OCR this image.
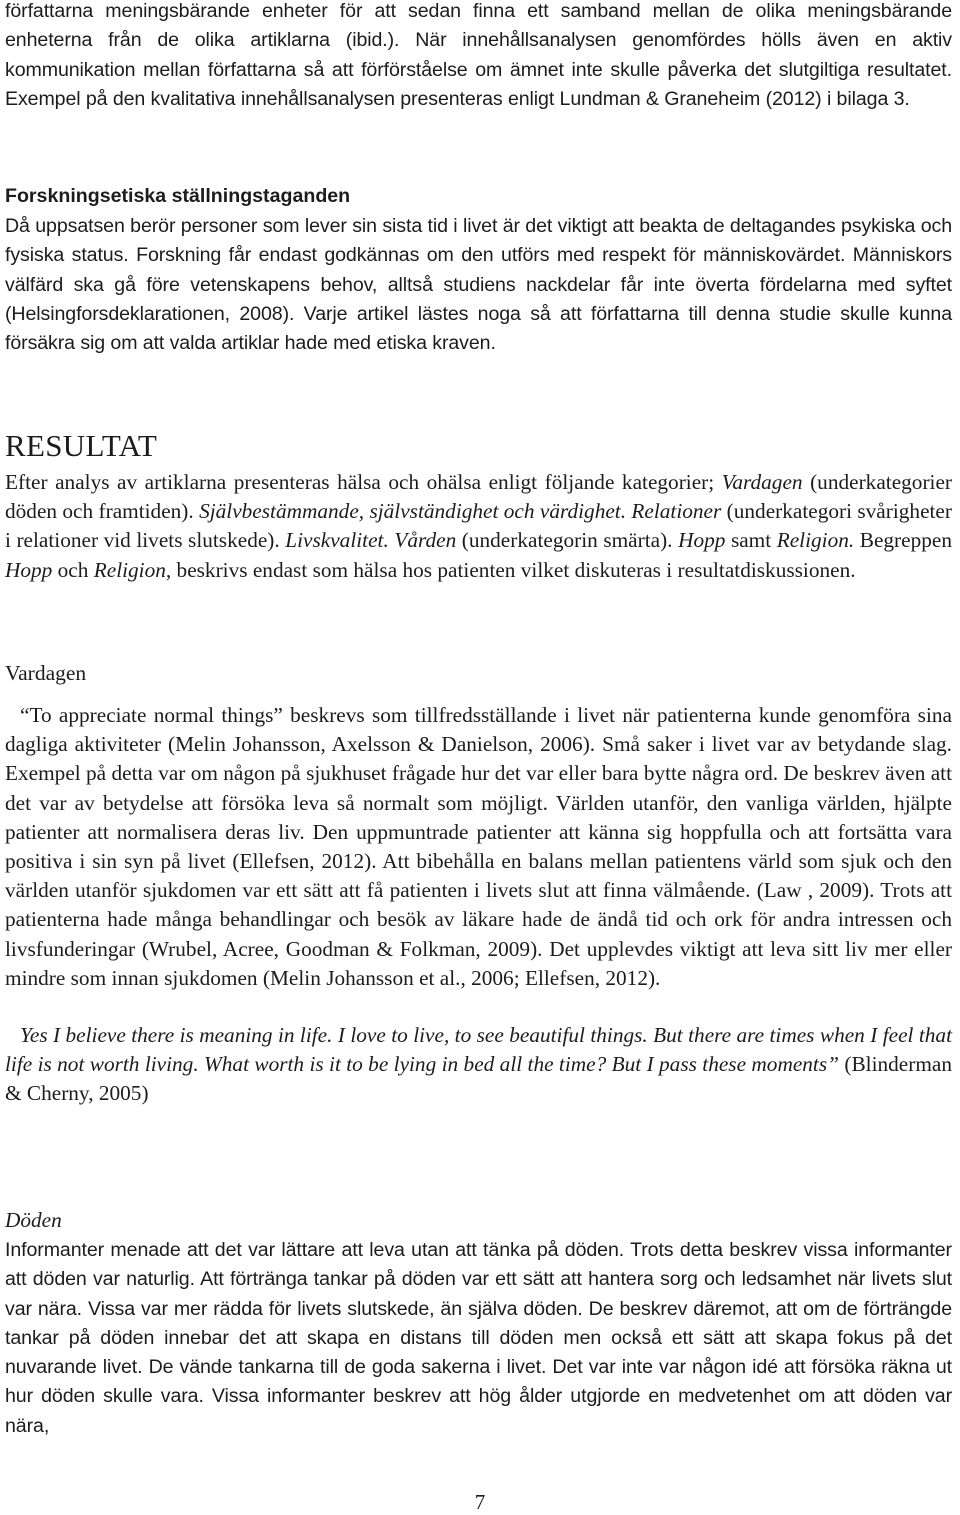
författarna meningsbärande enheter för att sedan finna ett samband mellan de olika meningsbärande enheterna från de olika artiklarna (ibid.). När innehållsanalysen genomfördes hölls även en aktiv kommunikation mellan författarna så att förförståelse om ämnet inte skulle påverka det slutgiltiga resultatet. Exempel på den kvalitativa innehållsanalysen presenteras enligt Lundman & Graneheim (2012) i bilaga 3.

Forskningsetiska ställningstaganden

Då uppsatsen berör personer som lever sin sista tid i livet är det viktigt att beakta de deltagandes psykiska och fysiska status. Forskning får endast godkännas om den utförs med respekt för människovärdet. Människors välfärd ska gå före vetenskapens behov, alltså studiens nackdelar får inte överta fördelarna med syftet (Helsingforsdeklarationen, 2008). Varje artikel lästes noga så att författarna till denna studie skulle kunna försäkra sig om att valda artiklar hade med etiska kraven.

RESULTAT

Efter analys av artiklarna presenteras hälsa och ohälsa enligt följande kategorier; Vardagen (underkategorier döden och framtiden). Självbestämmande, självständighet och värdighet. Relationer (underkategori svårigheter i relationer vid livets slutskede). Livskvalitet. Vården (underkategorin smärta). Hopp samt Religion. Begreppen Hopp och Religion, beskrivs endast som hälsa hos patienten vilket diskuteras i resultatdiskussionen.

Vardagen

“To appreciate normal things” beskrevs som tillfredsställande i livet när patienterna kunde genomföra sina dagliga aktiviteter (Melin Johansson, Axelsson & Danielson, 2006). Små saker i livet var av betydande slag. Exempel på detta var om någon på sjukhuset frågade hur det var eller bara bytte några ord. De beskrev även att det var av betydelse att försöka leva så normalt som möjligt. Världen utanför, den vanliga världen, hjälpte patienter att normalisera deras liv. Den uppmuntrade patienter att känna sig hoppfulla och att fortsätta vara positiva i sin syn på livet (Ellefsen, 2012). Att bibehålla en balans mellan patientens värld som sjuk och den världen utanför sjukdomen var ett sätt att få patienten i livets slut att finna välmående. (Law , 2009). Trots att patienterna hade många behandlingar och besök av läkare hade de ändå tid och ork för andra intressen och livsfunderingar (Wrubel, Acree, Goodman & Folkman, 2009). Det upplevdes viktigt att leva sitt liv mer eller mindre som innan sjukdomen (Melin Johansson et al., 2006; Ellefsen, 2012).

Yes I believe there is meaning in life. I love to live, to see beautiful things. But there are times when I feel that life is not worth living. What worth is it to be lying in bed all the time? But I pass these moments” (Blinderman & Cherny, 2005)

Döden

Informanter menade att det var lättare att leva utan att tänka på döden. Trots detta beskrev vissa informanter att döden var naturlig. Att förtränga tankar på döden var ett sätt att hantera sorg och ledsamhet när livets slut var nära. Vissa var mer rädda för livets slutskede, än själva döden. De beskrev däremot, att om de förträngde tankar på döden innebar det att skapa en distans till döden men också ett sätt att skapa fokus på det nuvarande livet. De vände tankarna till de goda sakerna i livet. Det var inte var någon idé att försöka räkna ut hur döden skulle vara. Vissa informanter beskrev att hög ålder utgjorde en medvetenhet om att döden var nära,

7
